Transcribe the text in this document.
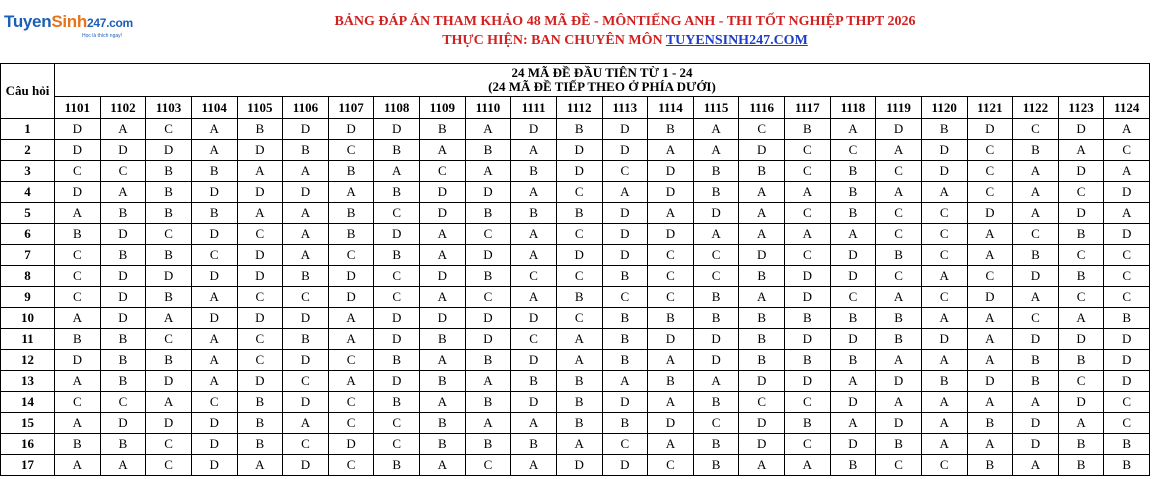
TuyenSinh247.com
Học là thích ngay!
BẢNG ĐÁP ÁN THAM KHẢO 48 MÃ ĐỀ - MÔNTIẾNG ANH - THI TỐT NGHIỆP THPT 2026
THỰC HIỆN: BAN CHUYÊN MÔN TUYENSINH247.COM
Câu hỏi	24 MÃ ĐỀ ĐẦU TIÊN TỪ 1 - 24
(24 MÃ ĐỀ TIẾP THEO Ở PHÍA DƯỚI)																							

	1101	1102	1103	1104	1105	1106	1107	1108	1109	1110	1111	1112	1113	1114	1115	1116	1117	1118	1119	1120	1121	1122	1123	1124
1	D	A	C	A	B	D	D	D	B	A	D	B	D	B	A	C	B	A	D	B	D	C	D	A
2	D	D	D	A	D	B	C	B	A	B	A	D	D	A	A	D	C	C	A	D	C	B	A	C
3	C	C	B	B	A	A	B	A	C	A	B	D	C	D	B	B	C	B	C	D	C	A	D	A
4	D	A	B	D	D	D	A	B	D	D	A	C	A	D	B	A	A	B	A	A	C	A	C	D
5	A	B	B	B	A	A	B	C	D	B	B	B	D	A	D	A	C	B	C	C	D	A	D	A
6	B	D	C	D	C	A	B	D	A	C	A	C	D	D	A	A	A	A	C	C	A	C	B	D
7	C	B	B	C	D	A	C	B	A	D	A	D	D	C	C	D	C	D	B	C	A	B	C	C
8	C	D	D	D	D	B	D	C	D	B	C	C	B	C	C	B	D	D	C	A	C	D	B	C
9	C	D	B	A	C	C	D	C	A	C	A	B	C	C	B	A	D	C	A	C	D	A	C	C
10	A	D	A	D	D	D	A	D	D	D	D	C	B	B	B	B	B	B	B	A	A	C	A	B
11	B	B	C	A	C	B	A	D	B	D	C	A	B	D	D	B	D	D	B	D	A	D	D	D
12	D	B	B	A	C	D	C	B	A	B	D	A	B	A	D	B	B	B	A	A	A	B	B	D
13	A	B	D	A	D	C	A	D	B	A	B	B	A	B	A	D	D	A	D	B	D	B	C	D
14	C	C	A	C	B	D	C	B	A	B	D	B	D	A	B	C	C	D	A	A	A	A	D	C
15	A	D	D	D	B	A	C	C	B	A	A	B	B	D	C	D	B	A	D	A	B	D	A	C
16	B	B	C	D	B	C	D	C	B	B	B	A	C	A	B	D	C	D	B	A	A	D	B	B
17	A	A	C	D	A	D	C	B	A	C	A	D	D	C	B	A	A	B	C	C	B	A	B	B
